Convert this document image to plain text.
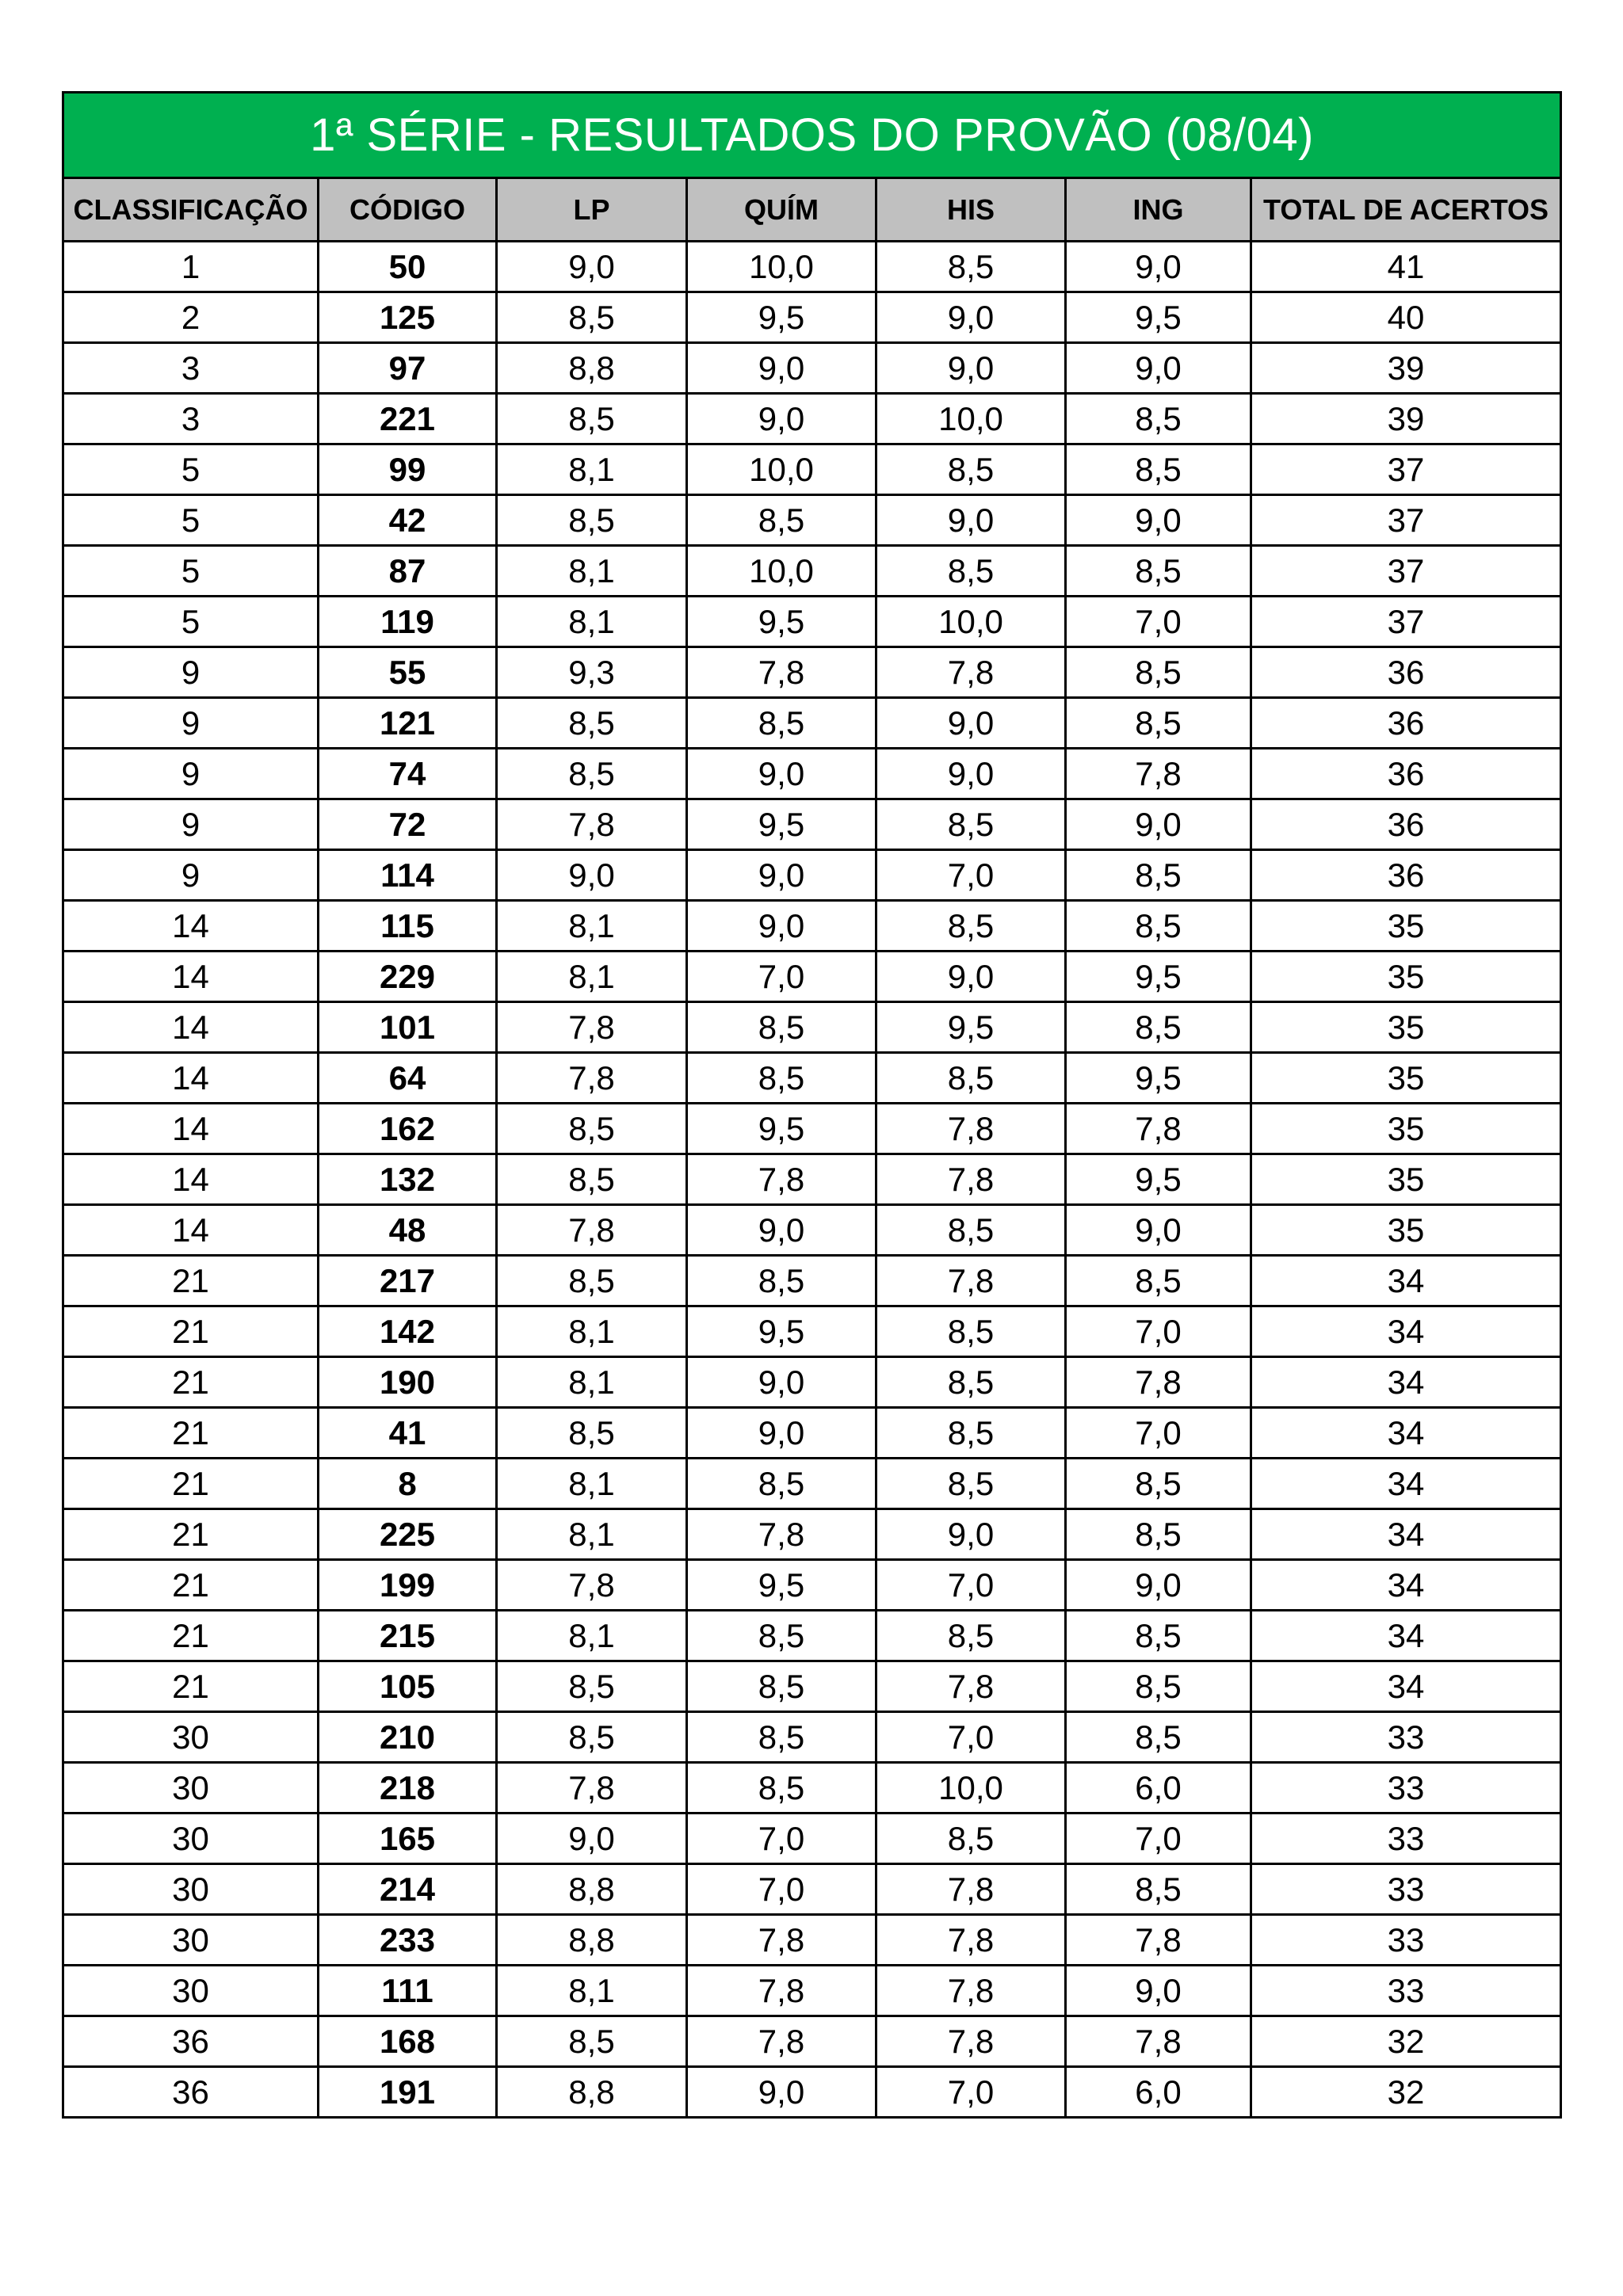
1ª SÉRIE - RESULTADOS DO PROVÃO (08/04)						
CLASSIFICAÇÃO	CÓDIGO	LP	QUÍM	HIS	ING	TOTAL DE ACERTOS
1	50	9,0	10,0	8,5	9,0	41
2	125	8,5	9,5	9,0	9,5	40
3	97	8,8	9,0	9,0	9,0	39
3	221	8,5	9,0	10,0	8,5	39
5	99	8,1	10,0	8,5	8,5	37
5	42	8,5	8,5	9,0	9,0	37
5	87	8,1	10,0	8,5	8,5	37
5	119	8,1	9,5	10,0	7,0	37
9	55	9,3	7,8	7,8	8,5	36
9	121	8,5	8,5	9,0	8,5	36
9	74	8,5	9,0	9,0	7,8	36
9	72	7,8	9,5	8,5	9,0	36
9	114	9,0	9,0	7,0	8,5	36
14	115	8,1	9,0	8,5	8,5	35
14	229	8,1	7,0	9,0	9,5	35
14	101	7,8	8,5	9,5	8,5	35
14	64	7,8	8,5	8,5	9,5	35
14	162	8,5	9,5	7,8	7,8	35
14	132	8,5	7,8	7,8	9,5	35
14	48	7,8	9,0	8,5	9,0	35
21	217	8,5	8,5	7,8	8,5	34
21	142	8,1	9,5	8,5	7,0	34
21	190	8,1	9,0	8,5	7,8	34
21	41	8,5	9,0	8,5	7,0	34
21	8	8,1	8,5	8,5	8,5	34
21	225	8,1	7,8	9,0	8,5	34
21	199	7,8	9,5	7,0	9,0	34
21	215	8,1	8,5	8,5	8,5	34
21	105	8,5	8,5	7,8	8,5	34
30	210	8,5	8,5	7,0	8,5	33
30	218	7,8	8,5	10,0	6,0	33
30	165	9,0	7,0	8,5	7,0	33
30	214	8,8	7,0	7,8	8,5	33
30	233	8,8	7,8	7,8	7,8	33
30	111	8,1	7,8	7,8	9,0	33
36	168	8,5	7,8	7,8	7,8	32
36	191	8,8	9,0	7,0	6,0	32
